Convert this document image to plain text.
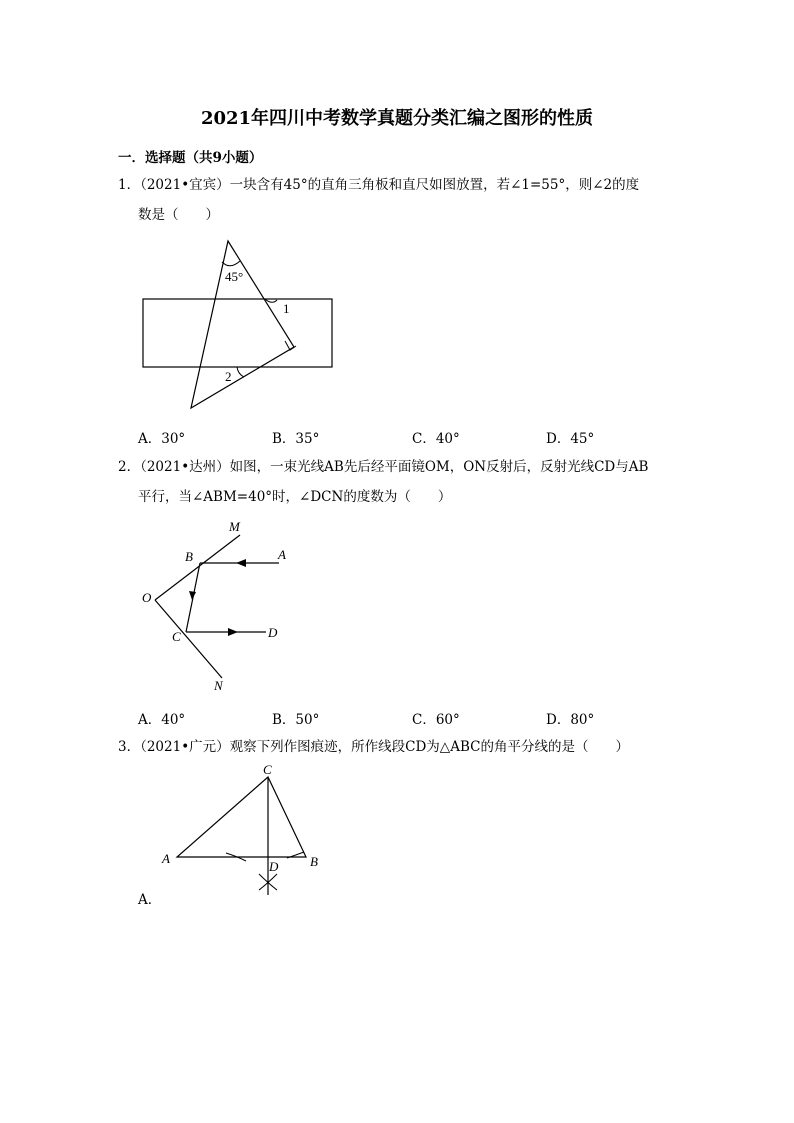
2021年四川中考数学真题分类汇编之图形的性质
一．选择题（共9小题）
1．（2021•宜宾）一块含有45°的直角三角板和直尺如图放置，若∠1=55°，则∠2的度
数是（　　）
45°
1
2
A．30°	B．35°	C．40°	D．45°
2．（2021•达州）如图，一束光线AB先后经平面镜OM，ON反射后，反射光线CD与AB
平行，当∠ABM=40°时，∠DCN的度数为（　　）
M
B	A
O
C	D
N
A．40°	B．50°	C．60°	D．80°
3．（2021•广元）观察下列作图痕迹，所作线段CD为△ABC的角平分线的是（　　）
C
A
D B
A．
